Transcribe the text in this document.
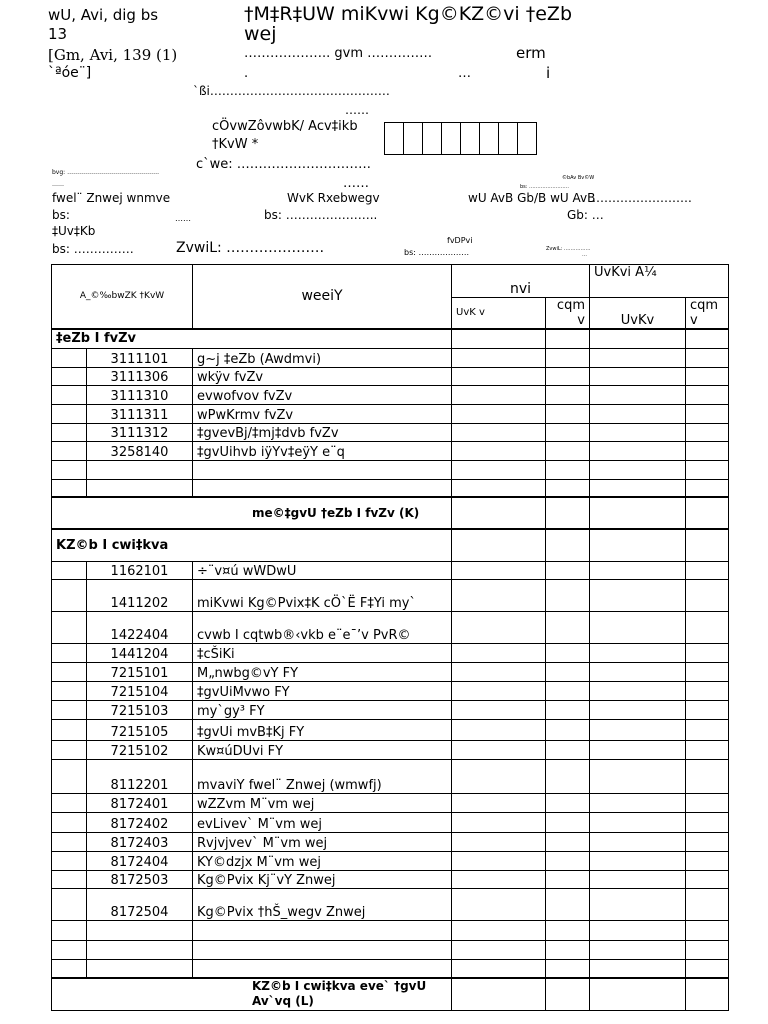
wU, Avi, dig bs
13
[Gm, Avi, 139 (1)
`ªóe¨]
†M‡R‡UW miKvwi Kg©KZ©vi †eZb wej
……………….. gvm ……………	erm
.	…	i
`ßi………………………………………
……
cÖvwZôvwbK/ Acv‡ikb
†KvW *
c`we: ………………………….
……
bvg: ……………………………………….
……
©bAv Bv©W
bs: ……………………
fwel¨ Znwej wnmve
bs:	……
WvK Rxebwegv
bs: …………………..
wU AvB Gb/B wU AvB
…………………….
Gb: …
‡Uv‡Kb
bs: ……………	ZvwiL: …………………	fvDPvi
bs: ……………….	ZvwiL: …………….
…
A_©‰bwZK †KvW		weeiY	nvi		UvKvi A¼	
			UvK v	cqm v	UvKv	cqm v
‡eZb I fvZv						
	3111101	g~j ‡eZb (Awdmvi)				
	3111306	wkÿv fvZv				
	3111310	evwofvov fvZv				
	3111311	wPwKrmv fvZv				
	3111312	‡gvevBj/‡mj‡dvb fvZv				
	3258140	‡gvUihvb iÿYv‡eÿY e¨q				

me©‡gvU †eZb I fvZv (K)						
KZ©b I cwi‡kva						
	1162101	÷¨v¤ú wWDwU				
	1411202	miKvwi Kg©Pvix‡K cÖ`Ë F‡Yi my`				
	1422404	cvwb I cqtwb®‹vkb e¨e¯’v PvR©				
	1441204	‡cŠiKi				
	7215101	M„nwbg©vY FY				
	7215104	‡gvUiMvwo FY				
	7215103	my`gy³ FY				
	7215105	‡gvUi mvB‡Kj FY				
	7215102	Kw¤úDUvi FY				
	8112201	mvaviY fwel¨ Znwej (wmwfj)				
	8172401	wZZvm M¨vm wej				
	8172402	evLivev` M¨vm wej				
	8172403	Rvjvjvev` M¨vm wej				
	8172404	KY©dzjx M¨vm wej				
	8172503	Kg©Pvix Kj¨vY Znwej				
	8172504	Kg©Pvix †hŠ_wegv Znwej				

KZ©b I cwi‡kva eve` †gvU Av`vq (L)						
